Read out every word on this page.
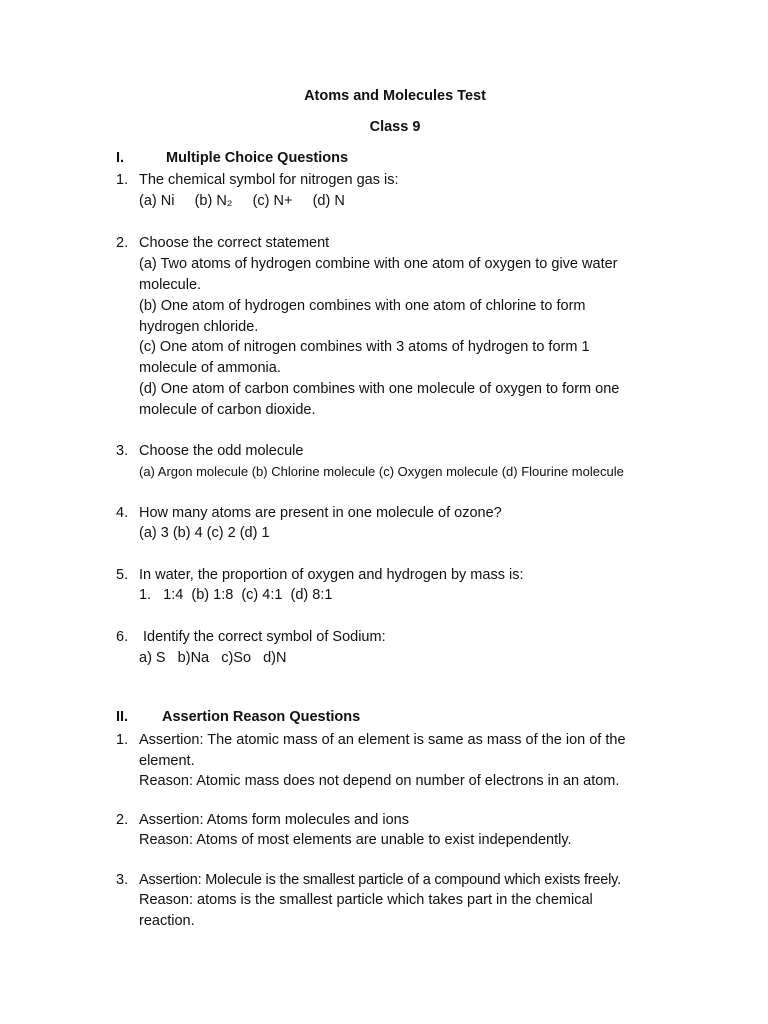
Atoms and Molecules Test
Class 9
I.	Multiple Choice Questions
1. The chemical symbol for nitrogen gas is:
(a) Ni     (b) N₂     (c) N+     (d) N
2. Choose the correct statement
(a) Two atoms of hydrogen combine with one atom of oxygen to give water
molecule.
(b) One atom of hydrogen combines with one atom of chlorine to form
hydrogen chloride.
(c) One atom of nitrogen combines with 3 atoms of hydrogen to form 1
molecule of ammonia.
(d) One atom of carbon combines with one molecule of oxygen to form one
molecule of carbon dioxide.
3. Choose the odd molecule
(a) Argon molecule (b) Chlorine molecule (c) Oxygen molecule (d) Flourine molecule
4. How many atoms are present in one molecule of ozone?
(a) 3 (b) 4 (c) 2 (d) 1
5. In water, the proportion of oxygen and hydrogen by mass is:
1.   1:4  (b) 1:8  (c) 4:1  (d) 8:1
6. Identify the correct symbol of Sodium:
a) S   b)Na   c)So   d)N
II. Assertion Reason Questions
1. Assertion: The atomic mass of an element is same as mass of the ion of the
element.
Reason: Atomic mass does not depend on number of electrons in an atom.
2. Assertion: Atoms form molecules and ions
Reason: Atoms of most elements are unable to exist independently.
3. Assertion: Molecule is the smallest particle of a compound which exists freely.
Reason: atoms is the smallest particle which takes part in the chemical
reaction.
